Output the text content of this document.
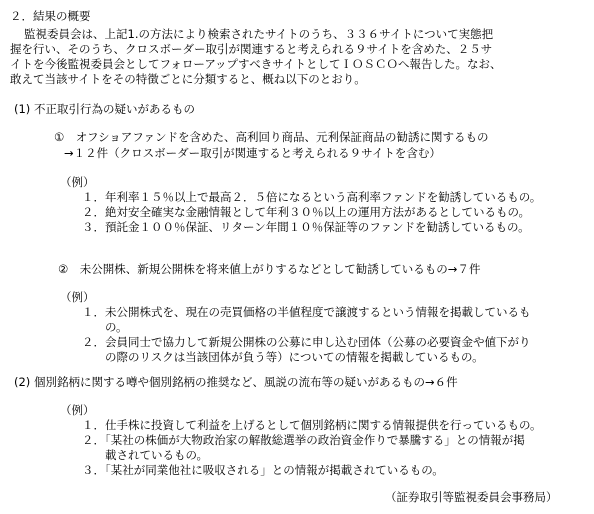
２．結果の概要
監視委員会は、上記1.の方法により検索されたサイトのうち、３３６サイトについて実態把
握を行い、そのうち、クロスボーダー取引が関連すると考えられる９サイトを含めた、２５サ
イトを今後監視委員会としてフォローアップすべきサイトとしてＩＯＳＣＯへ報告した。なお、
敢えて当該サイトをその特徴ごとに分類すると、概ね以下のとおり。
(1) 不正取引行為の疑いがあるもの
①　オフショアファンドを含めた、高利回り商品、元利保証商品の勧誘に関するもの
→１２件（クロスボーダー取引が関連すると考えられる９サイトを含む）
（例）
１．年利率１５％以上で最高２．５倍になるという高利率ファンドを勧誘しているもの。
２．絶対安全確実な金融情報として年利３０％以上の運用方法があるとしているもの。
３．預託金１００％保証、リターン年間１０％保証等のファンドを勧誘しているもの。
②　未公開株、新規公開株を将来値上がりするなどとして勧誘しているもの→７件
（例）
１．未公開株式を、現在の売買価格の半値程度で譲渡するという情報を掲載しているも
　　の。
２．会員同士で協力して新規公開株の公募に申し込む団体（公募の必要資金や値下がり
　　の際のリスクは当該団体が負う等）についての情報を掲載しているもの。
(2) 個別銘柄に関する噂や個別銘柄の推奨など、風説の流布等の疑いがあるもの→６件
（例）
１．仕手株に投資して利益を上げるとして個別銘柄に関する情報提供を行っているもの。
２．「某社の株価が大物政治家の解散総選挙の政治資金作りで暴騰する」との情報が掲
　　載されているもの。
３．「某社が同業他社に吸収される」との情報が掲載されているもの。
（証券取引等監視委員会事務局）
